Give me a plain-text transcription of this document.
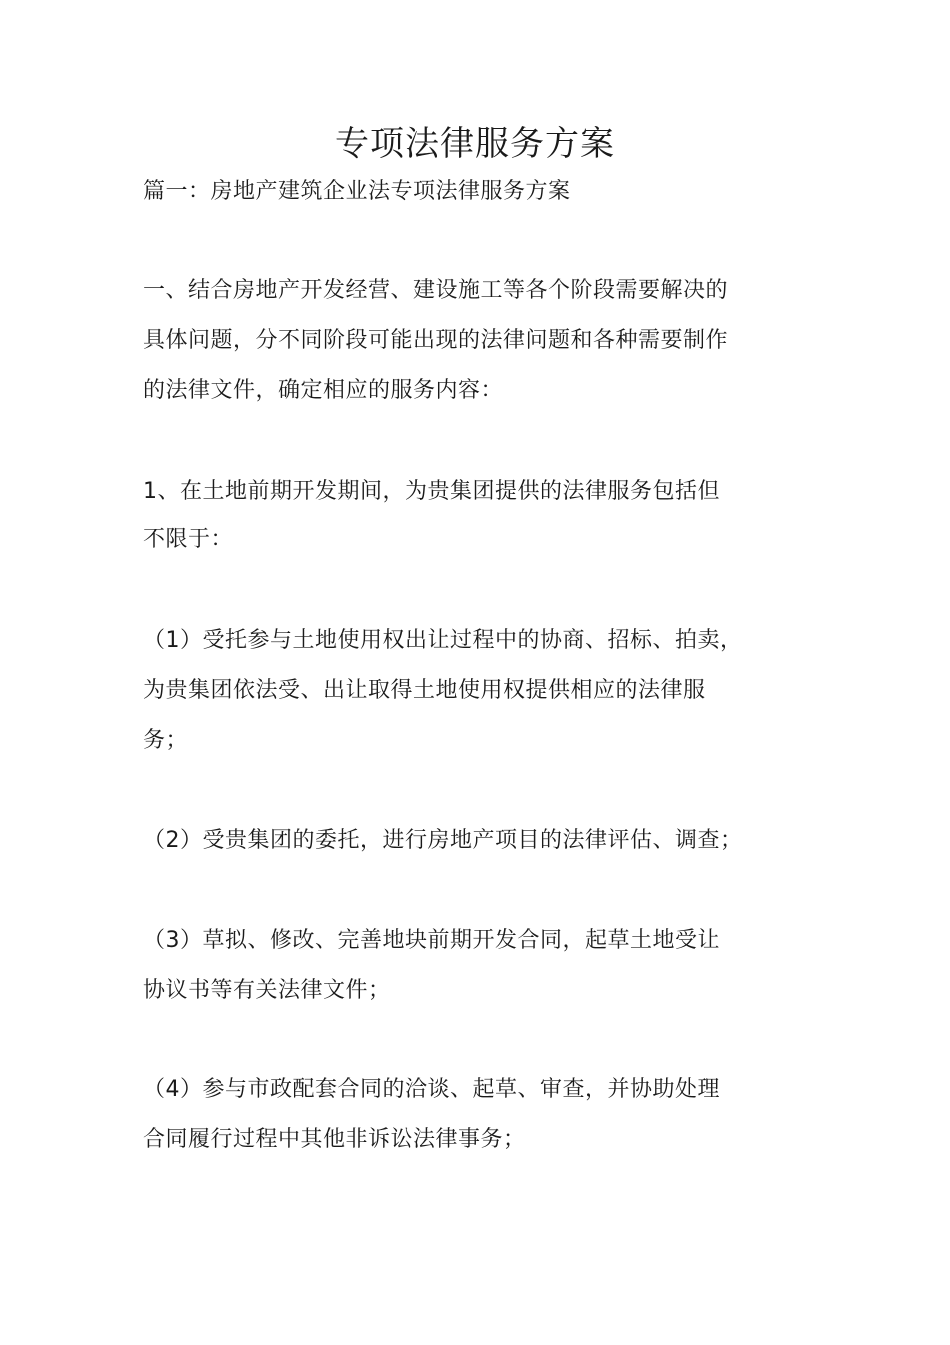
专项法律服务方案
篇一：房地产建筑企业法专项法律服务方案
一、结合房地产开发经营、建设施工等各个阶段需要解决的
具体问题，分不同阶段可能出现的法律问题和各种需要制作
的法律文件，确定相应的服务内容：
1、在土地前期开发期间，为贵集团提供的法律服务包括但
不限于：
（1）受托参与土地使用权出让过程中的协商、招标、拍卖，
为贵集团依法受、出让取得土地使用权提供相应的法律服
务；
（2）受贵集团的委托，进行房地产项目的法律评估、调查；
（3）草拟、修改、完善地块前期开发合同，起草土地受让
协议书等有关法律文件；
（4）参与市政配套合同的洽谈、起草、审查，并协助处理
合同履行过程中其他非诉讼法律事务；
